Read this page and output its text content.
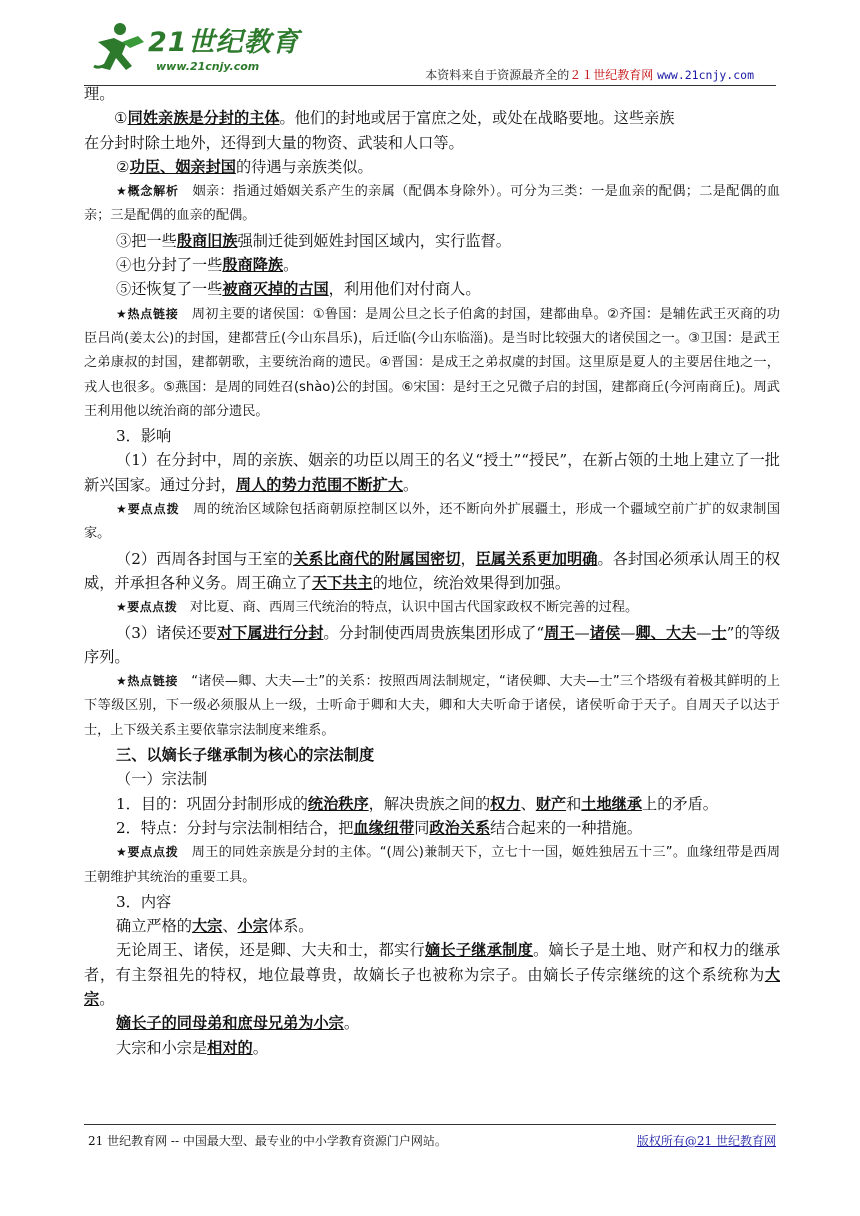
21世纪教育
www.21cnjy.com
本资料来自于资源最齐全的２１世纪教育网 www.21cnjy.com

理。

①同姓亲族是分封的主体。他们的封地或居于富庶之处，或处在战略要地。这些亲族

在分封时除土地外，还得到大量的物资、武装和人口等。

②功臣、姻亲封国的待遇与亲族类似。

★概念解析 姻亲：指通过婚姻关系产生的亲属（配偶本身除外）。可分为三类：一是血亲的配偶；二是配偶的血亲；三是配偶的血亲的配偶。

③把一些殷商旧族强制迁徙到姬姓封国区域内，实行监督。

④也分封了一些殷商降族。

⑤还恢复了一些被商灭掉的古国，利用他们对付商人。

★热点链接 周初主要的诸侯国：①鲁国：是周公旦之长子伯禽的封国，建都曲阜。②齐国：是辅佐武王灭商的功臣吕尚(姜太公)的封国，建都营丘(今山东昌乐)，后迁临(今山东临淄)。是当时比较强大的诸侯国之一。③卫国：是武王之弟康叔的封国，建都朝歌，主要统治商的遗民。④晋国：是成王之弟叔虞的封国。这里原是夏人的主要居住地之一，戎人也很多。⑤燕国：是周的同姓召(shào)公的封国。⑥宋国：是纣王之兄微子启的封国，建都商丘(今河南商丘)。周武王利用他以统治商的部分遗民。

3．影响

（1）在分封中，周的亲族、姻亲的功臣以周王的名义“授土”“授民”，在新占领的土地上建立了一批新兴国家。通过分封，周人的势力范围不断扩大。

★要点点拨 周的统治区域除包括商朝原控制区以外，还不断向外扩展疆土，形成一个疆域空前广扩的奴隶制国家。

（2）西周各封国与王室的关系比商代的附属国密切，臣属关系更加明确。各封国必须承认周王的权威，并承担各种义务。周王确立了天下共主的地位，统治效果得到加强。

★要点点拨 对比夏、商、西周三代统治的特点，认识中国古代国家政权不断完善的过程。

（3）诸侯还要对下属进行分封。分封制使西周贵族集团形成了“周王—诸侯—卿、大夫—士”的等级序列。

★热点链接 “诸侯—卿、大夫—士”的关系：按照西周法制规定，“诸侯卿、大夫—士”三个塔级有着极其鲜明的上下等级区别，下一级必须服从上一级，士听命于卿和大夫，卿和大夫听命于诸侯，诸侯听命于天子。自周天子以达于士，上下级关系主要依靠宗法制度来维系。

三、以嫡长子继承制为核心的宗法制度

（一）宗法制

1．目的：巩固分封制形成的统治秩序，解决贵族之间的权力、财产和土地继承上的矛盾。

2．特点：分封与宗法制相结合，把血缘纽带同政治关系结合起来的一种措施。

★要点点拨 周王的同姓亲族是分封的主体。“(周公)兼制天下，立七十一国，姬姓独居五十三”。血缘纽带是西周王朝维护其统治的重要工具。

3．内容

确立严格的大宗、小宗体系。

无论周王、诸侯，还是卿、大夫和士，都实行嫡长子继承制度。嫡长子是土地、财产和权力的继承者，有主祭祖先的特权，地位最尊贵，故嫡长子也被称为宗子。由嫡长子传宗继统的这个系统称为大宗。

嫡长子的同母弟和庶母兄弟为小宗。

大宗和小宗是相对的。

21 世纪教育网 -- 中国最大型、最专业的中小学教育资源门户网站。	版权所有@21 世纪教育网
